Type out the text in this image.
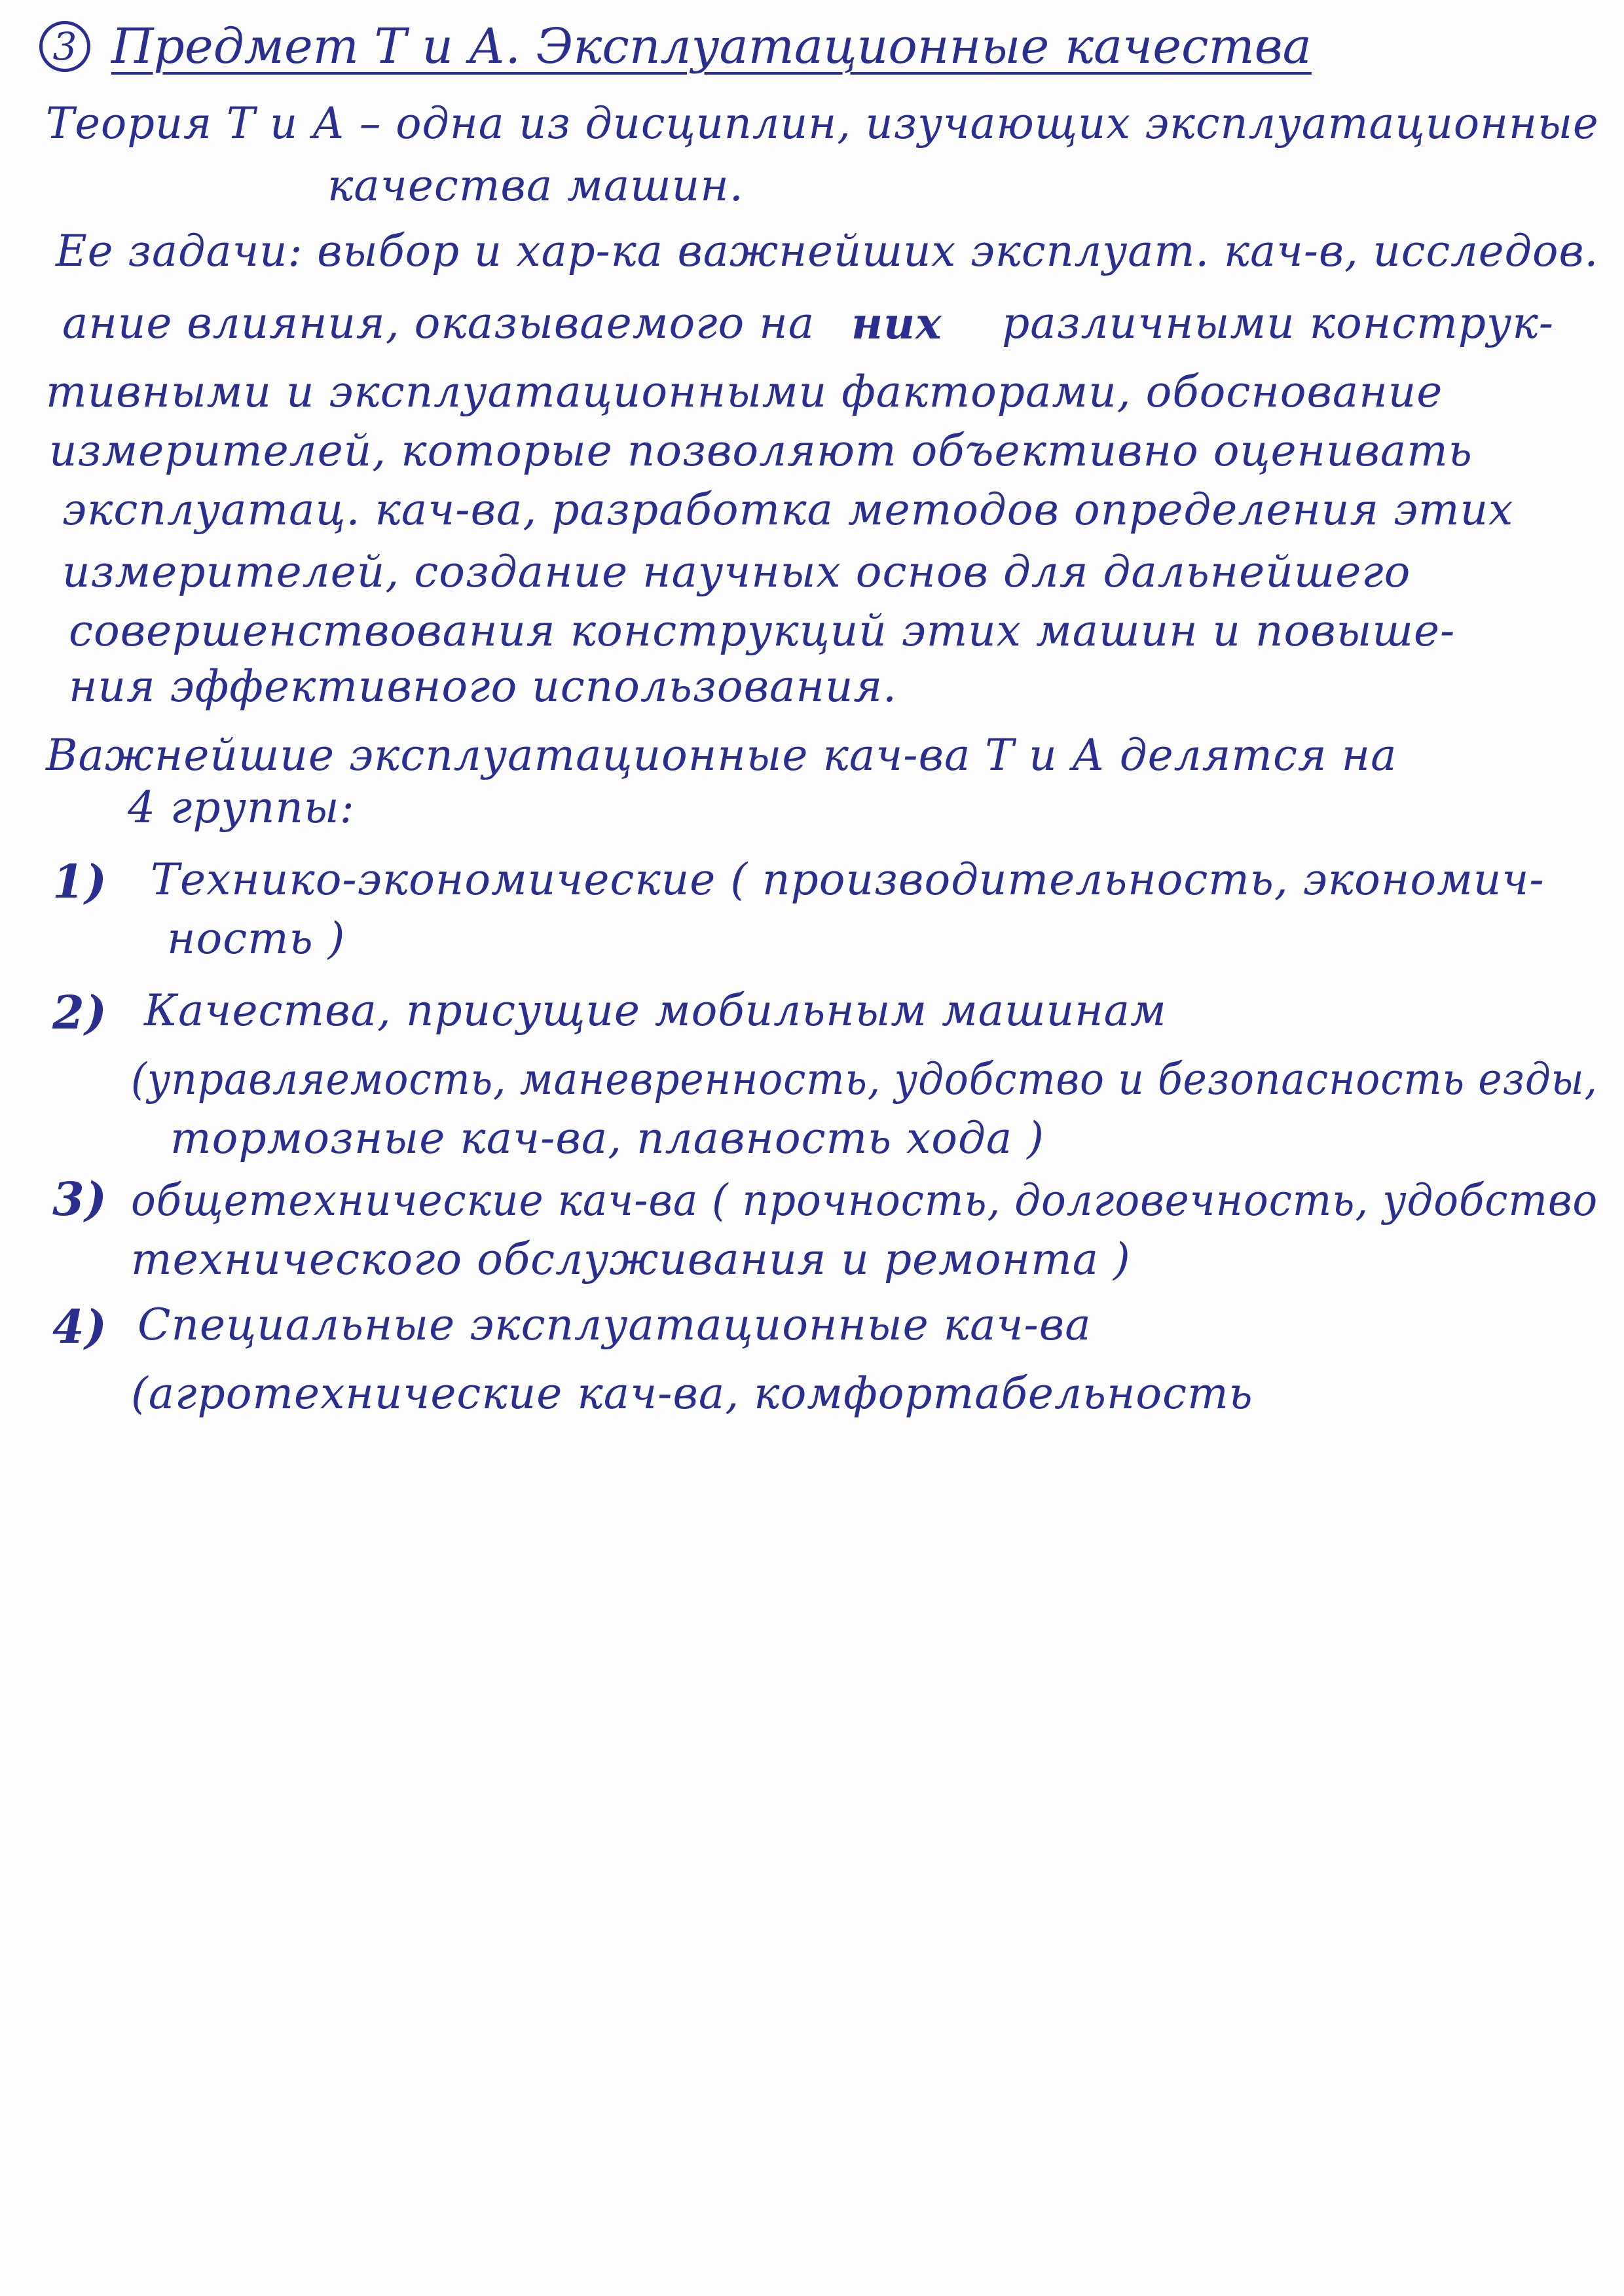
3 Предмет Т и А. Эксплуатационные качества
Теория Т и А – одна из дисциплин, изучающих эксплуатационные
качества машин.
Ее задачи: выбор и хар-ка важнейших эксплуат. кач-в, исследов.
ание влияния, оказываемого на них различными конструк-
тивными и эксплуатационными факторами, обоснование
измерителей, которые позволяют объективно оценивать
эксплуатац. кач-ва, разработка методов определения этих
измерителей, создание научных основ для дальнейшего
совершенствования конструкций этих машин и повыше-
ния эффективного использования.
Важнейшие эксплуатационные кач-ва Т и А делятся на
4 группы:
1) Технико-экономические ( производительность, экономич-
ность )
2) Качества, присущие мобильным машинам
(управляемость, маневренность, удобство и безопасность езды,
тормозные кач-ва, плавность хода )
3) общетехнические кач-ва ( прочность, долговечность, удобство
технического обслуживания и ремонта )
4) Специальные эксплуатационные кач-ва
(агротехнические кач-ва, комфортабельность
